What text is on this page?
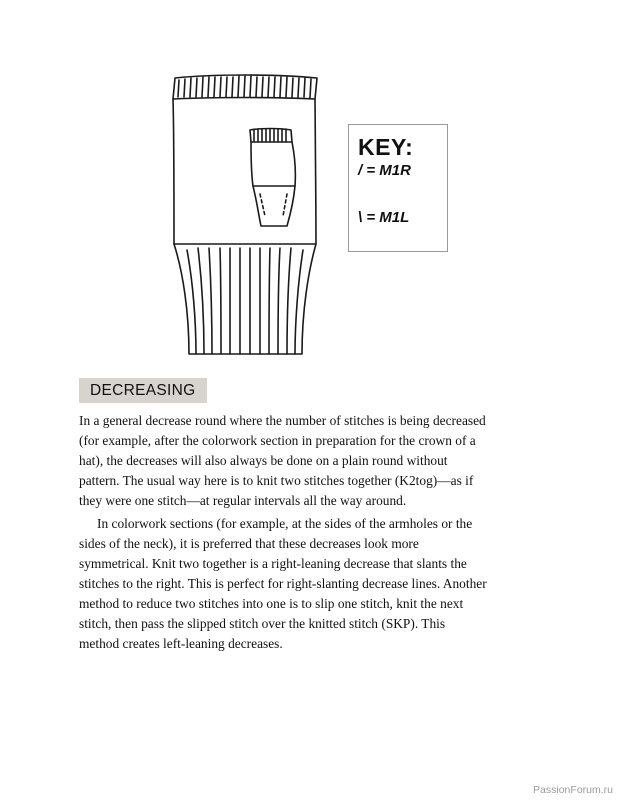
KEY:
/ = M1R
\ = M1L
DECREASING

In a general decrease round where the number of stitches is being decreased

(for example, after the colorwork section in preparation for the crown of a

hat), the decreases will also always be done on a plain round without

pattern. The usual way here is to knit two stitches together (K2tog)—as if

they were one stitch—at regular intervals all the way around.

In colorwork sections (for example, at the sides of the armholes or the

sides of the neck), it is preferred that these decreases look more

symmetrical. Knit two together is a right-leaning decrease that slants the

stitches to the right. This is perfect for right-slanting decrease lines. Another

method to reduce two stitches into one is to slip one stitch, knit the next

stitch, then pass the slipped stitch over the knitted stitch (SKP). This

method creates left-leaning decreases.

PassionForum.ru
